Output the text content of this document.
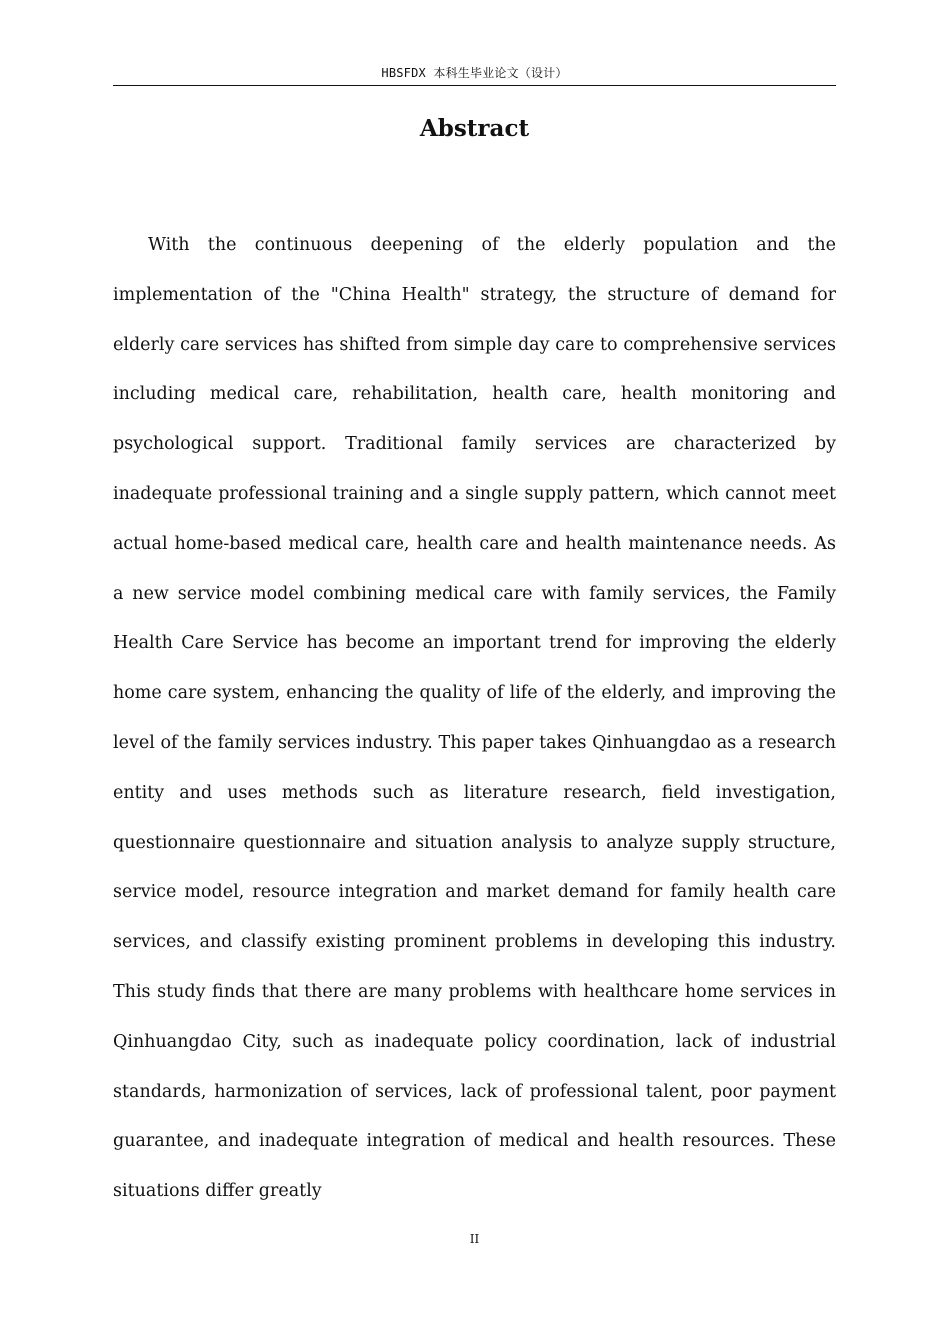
HBSFDX 本科生毕业论文（设计）
Abstract

With the continuous deepening of the elderly population and the implementation of the "China Health" strategy, the structure of demand for elderly care services has shifted from simple day care to comprehensive services including medical care, rehabilitation, health care, health monitoring and psychological support. Traditional family services are characterized by inadequate professional training and a single supply pattern, which cannot meet actual home-based medical care, health care and health maintenance needs. As a new service model combining medical care with family services, the Family Health Care Service has become an important trend for improving the elderly home care system, enhancing the quality of life of the elderly, and improving the level of the family services industry. This paper takes Qinhuangdao as a research entity and uses methods such as literature research, field investigation, questionnaire questionnaire and situation analysis to analyze supply structure, service model, resource integration and market demand for family health care services, and classify existing prominent problems in developing this industry. This study finds that there are many problems with healthcare home services in Qinhuangdao City, such as inadequate policy coordination, lack of industrial standards, harmonization of services, lack of professional talent, poor payment guarantee, and inadequate integration of medical and health resources. These situations differ greatly

II
